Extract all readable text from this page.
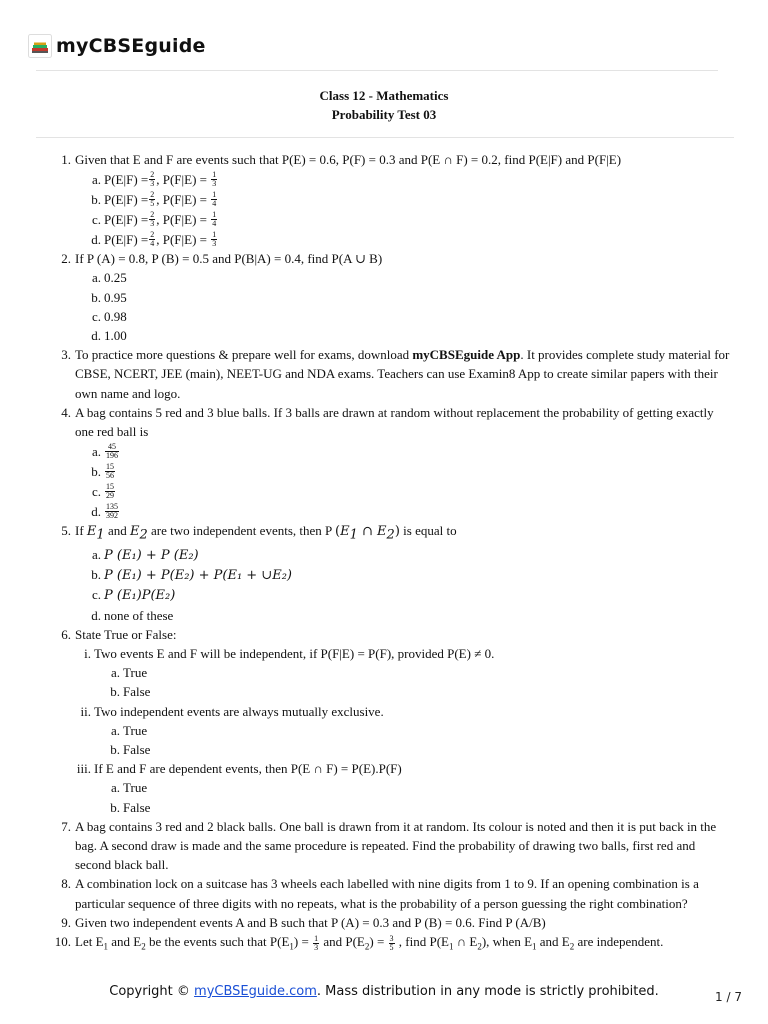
myCBSEguide
Class 12 - Mathematics
Probability Test 03
1. Given that E and F are events such that P(E) = 0.6, P(F) = 0.3 and P(E ∩ F) = 0.2, find P(E|F) and P(F|E)
a. $P(E|F) = \frac{2}{3}$ , P(F|E) =
$\frac{1}{3}$
b. $P(E|F) = \frac{2}{5}$ , P(F|E) =
$\frac{1}{4}$
c. $P(E|F) = \frac{2}{3}$ , P(F|E) =
$\frac{1}{4}$
d. $P(E|F) = \frac{2}{4}$ , P(F|E) =
$\frac{1}{3}$
2. If P (A) = 0.8, P (B) = 0.5 and P(B|A) = 0.4, find P(A ∪ B)
a. 0.25
b. 0.95
c. 0.98
d. 1.00
3. To practice more questions & prepare well for exams, download myCBSEguide App. It provides complete study material for CBSE, NCERT, JEE (main), NEET-UG and NDA exams. Teachers can use Examin8 App to create similar papers with their own name and logo.
4. A bag contains 5 red and 3 blue balls. If 3 balls are drawn at random without replacement the probability of getting exactly one red ball is
a. $\frac{45}{196}$
b. $\frac{15}{56}$
c. $\frac{15}{29}$
d. $\frac{135}{392}$
5. If $E_1$ and $E_2$ are two independent events, then P ($E_1$ ∩ $E_2$) is equal to
a. P (E₁) + P (E₂)
b. P (E₁) + P(E₂) + P(E₁ + ∪E₂)
c. P (E₁)P(E₂)
d. none of these
6. State True or False:
i. Two events E and F will be independent, if P(F|E) = P(F), provided P(E) ≠ 0.
a. True
b. False
ii. Two independent events are always mutually exclusive.
a. True
b. False
iii. If E and F are dependent events, then P(E ∩ F) = P(E).P(F)
a. True
b. False
7. A bag contains 3 red and 2 black balls. One ball is drawn from it at random. Its colour is noted and then it is put back in the bag. A second draw is made and the same procedure is repeated. Find the probability of drawing two balls, first red and second black ball.
8. A combination lock on a suitcase has 3 wheels each labelled with nine digits from 1 to 9. If an opening combination is a particular sequence of three digits with no repeats, what is the probability of a person guessing the right combination?
9. Given two independent events A and B such that P (A) = 0.3 and P (B) = 0.6. Find P (A/B)
10. Let $E_1$ and $E_2$ be the events such that $P(E_1) = \frac{1}{3}$ and $P(E_2) = \frac{3}{5}$ , find $P(E_1$ ∩ $E_2$), when $E_1$ and $E_2$ are independent.
Copyright © myCBSEguide.com. Mass distribution in any mode is strictly prohibited.	1 / 7
